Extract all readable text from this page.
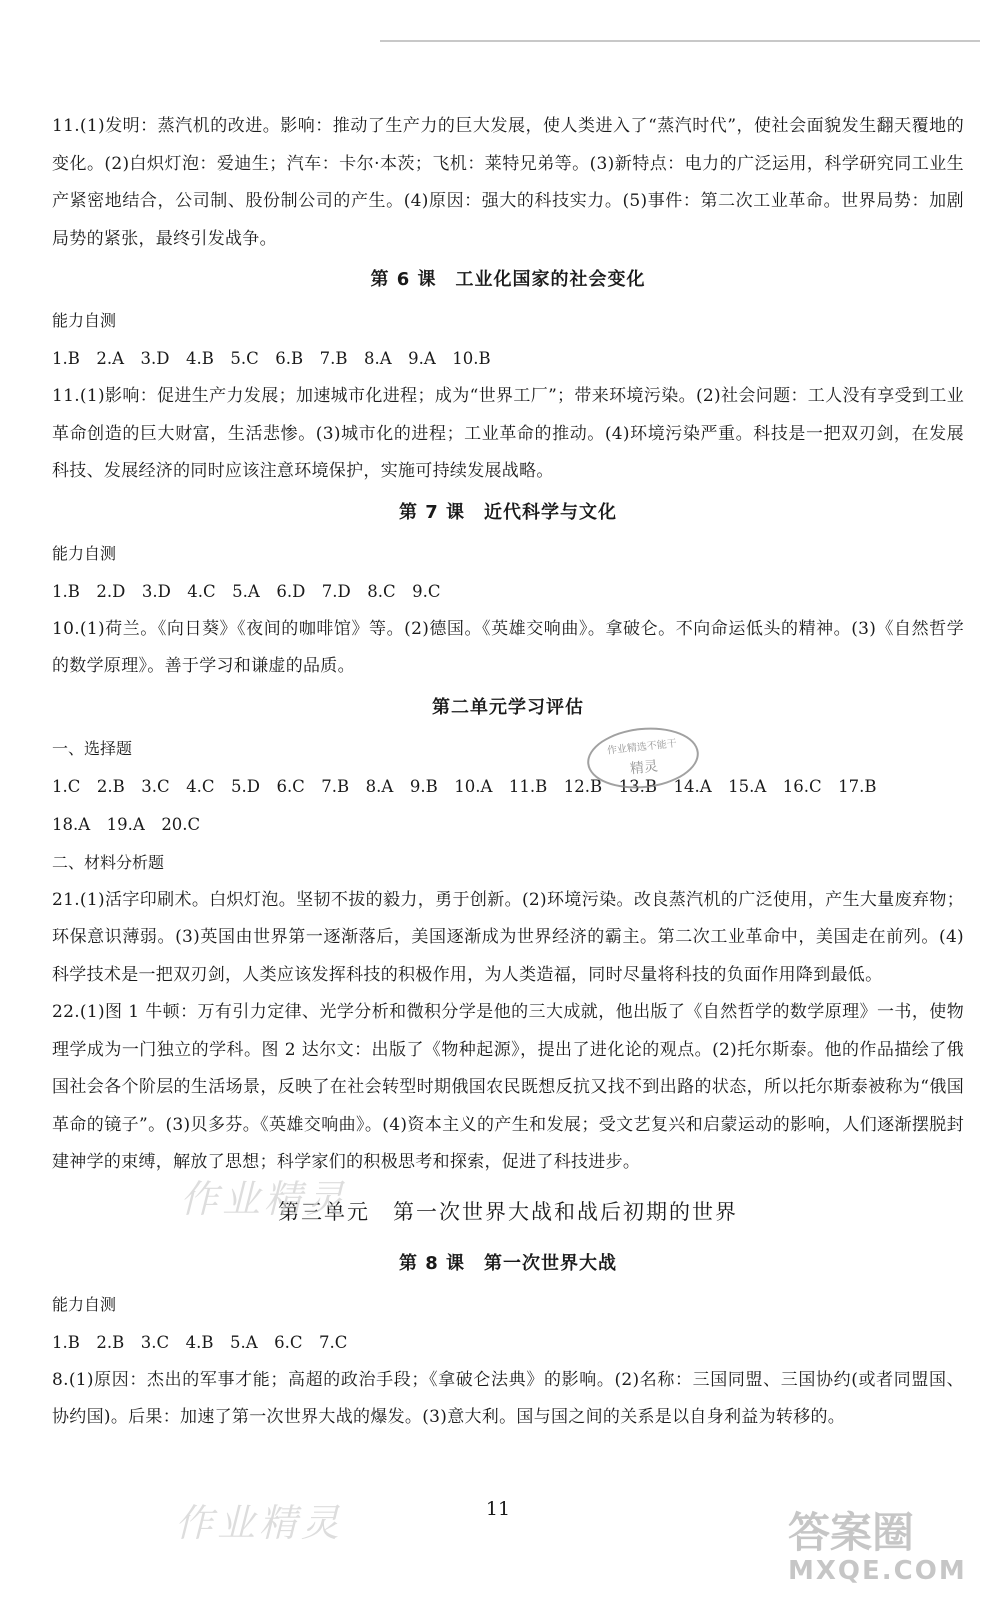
11.(1)发明：蒸汽机的改进。影响：推动了生产力的巨大发展，使人类进入了“蒸汽时代”，使社会面貌发生翻天覆地的变化。(2)白炽灯泡：爱迪生；汽车：卡尔·本茨；飞机：莱特兄弟等。(3)新特点：电力的广泛运用，科学研究同工业生产紧密地结合，公司制、股份制公司的产生。(4)原因：强大的科技实力。(5)事件：第二次工业革命。世界局势：加剧局势的紧张，最终引发战争。

第 6 课　工业化国家的社会变化

能力自测

1.B　2.A　3.D　4.B　5.C　6.B　7.B　8.A　9.A　10.B

11.(1)影响：促进生产力发展；加速城市化进程；成为“世界工厂”；带来环境污染。(2)社会问题：工人没有享受到工业革命创造的巨大财富，生活悲惨。(3)城市化的进程；工业革命的推动。(4)环境污染严重。科技是一把双刃剑，在发展科技、发展经济的同时应该注意环境保护，实施可持续发展战略。

第 7 课　近代科学与文化

能力自测

1.B　2.D　3.D　4.C　5.A　6.D　7.D　8.C　9.C

10.(1)荷兰。《向日葵》《夜间的咖啡馆》等。(2)德国。《英雄交响曲》。拿破仑。不向命运低头的精神。(3)《自然哲学的数学原理》。善于学习和谦虚的品质。

第二单元学习评估

一、选择题

1.C　2.B　3.C　4.C　5.D　6.C　7.B　8.A　9.B　10.A　11.B　12.B　13.B　14.A　15.A　16.C　17.B

18.A　19.A　20.C

二、材料分析题

21.(1)活字印刷术。白炽灯泡。坚韧不拔的毅力，勇于创新。(2)环境污染。改良蒸汽机的广泛使用，产生大量废弃物；环保意识薄弱。(3)英国由世界第一逐渐落后，美国逐渐成为世界经济的霸主。第二次工业革命中，美国走在前列。(4)科学技术是一把双刃剑，人类应该发挥科技的积极作用，为人类造福，同时尽量将科技的负面作用降到最低。

22.(1)图 1 牛顿：万有引力定律、光学分析和微积分学是他的三大成就，他出版了《自然哲学的数学原理》一书，使物理学成为一门独立的学科。图 2 达尔文：出版了《物种起源》，提出了进化论的观点。(2)托尔斯泰。他的作品描绘了俄国社会各个阶层的生活场景，反映了在社会转型时期俄国农民既想反抗又找不到出路的状态，所以托尔斯泰被称为“俄国革命的镜子”。(3)贝多芬。《英雄交响曲》。(4)资本主义的产生和发展；受文艺复兴和启蒙运动的影响，人们逐渐摆脱封建神学的束缚，解放了思想；科学家们的积极思考和探索，促进了科技进步。

第三单元　第一次世界大战和战后初期的世界

第 8 课　第一次世界大战

能力自测

1.B　2.B　3.C　4.B　5.A　6.C　7.C

8.(1)原因：杰出的军事才能；高超的政治手段；《拿破仑法典》的影响。(2)名称：三国同盟、三国协约(或者同盟国、协约国)。后果：加速了第一次世界大战的爆发。(3)意大利。国与国之间的关系是以自身利益为转移的。

作业精选不能干
精灵
作业精灵
作业精灵	11	答案圈
MXQE.COM
